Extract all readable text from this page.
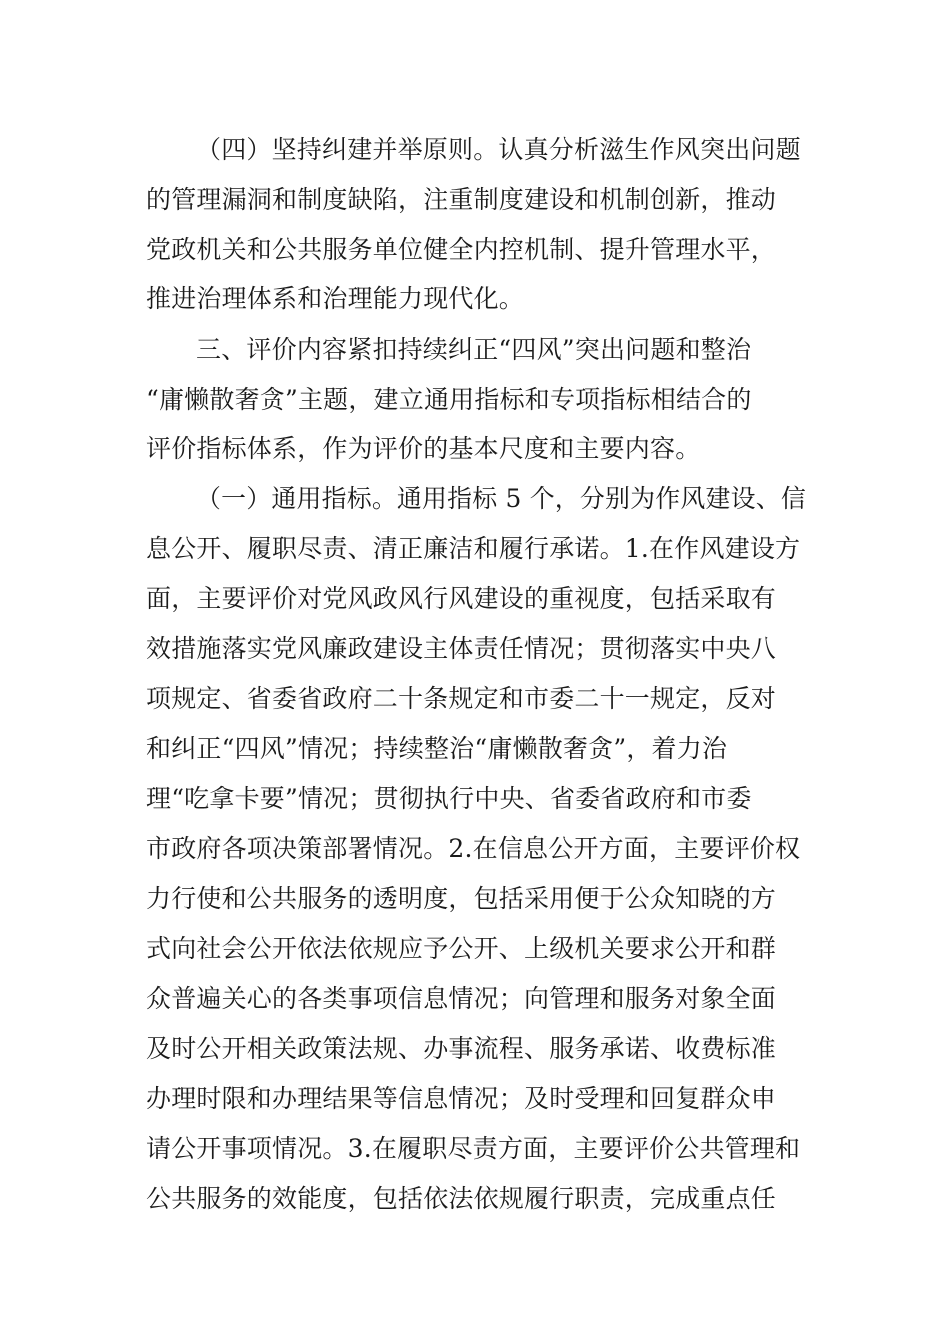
（四）坚持纠建并举原则。认真分析滋生作风突出问题
的管理漏洞和制度缺陷，注重制度建设和机制创新，推动
党政机关和公共服务单位健全内控机制、提升管理水平，
推进治理体系和治理能力现代化。
三、评价内容紧扣持续纠正“四风”突出问题和整治
“庸懒散奢贪”主题，建立通用指标和专项指标相结合的
评价指标体系，作为评价的基本尺度和主要内容。
（一）通用指标。通用指标 5 个，分别为作风建设、信
息公开、履职尽责、清正廉洁和履行承诺。1.在作风建设方
面，主要评价对党风政风行风建设的重视度，包括采取有
效措施落实党风廉政建设主体责任情况；贯彻落实中央八
项规定、省委省政府二十条规定和市委二十一规定，反对
和纠正“四风”情况；持续整治“庸懒散奢贪”，着力治
理“吃拿卡要”情况；贯彻执行中央、省委省政府和市委
市政府各项决策部署情况。2.在信息公开方面，主要评价权
力行使和公共服务的透明度，包括采用便于公众知晓的方
式向社会公开依法依规应予公开、上级机关要求公开和群
众普遍关心的各类事项信息情况；向管理和服务对象全面
及时公开相关政策法规、办事流程、服务承诺、收费标准
办理时限和办理结果等信息情况；及时受理和回复群众申
请公开事项情况。3.在履职尽责方面，主要评价公共管理和
公共服务的效能度，包括依法依规履行职责，完成重点任
